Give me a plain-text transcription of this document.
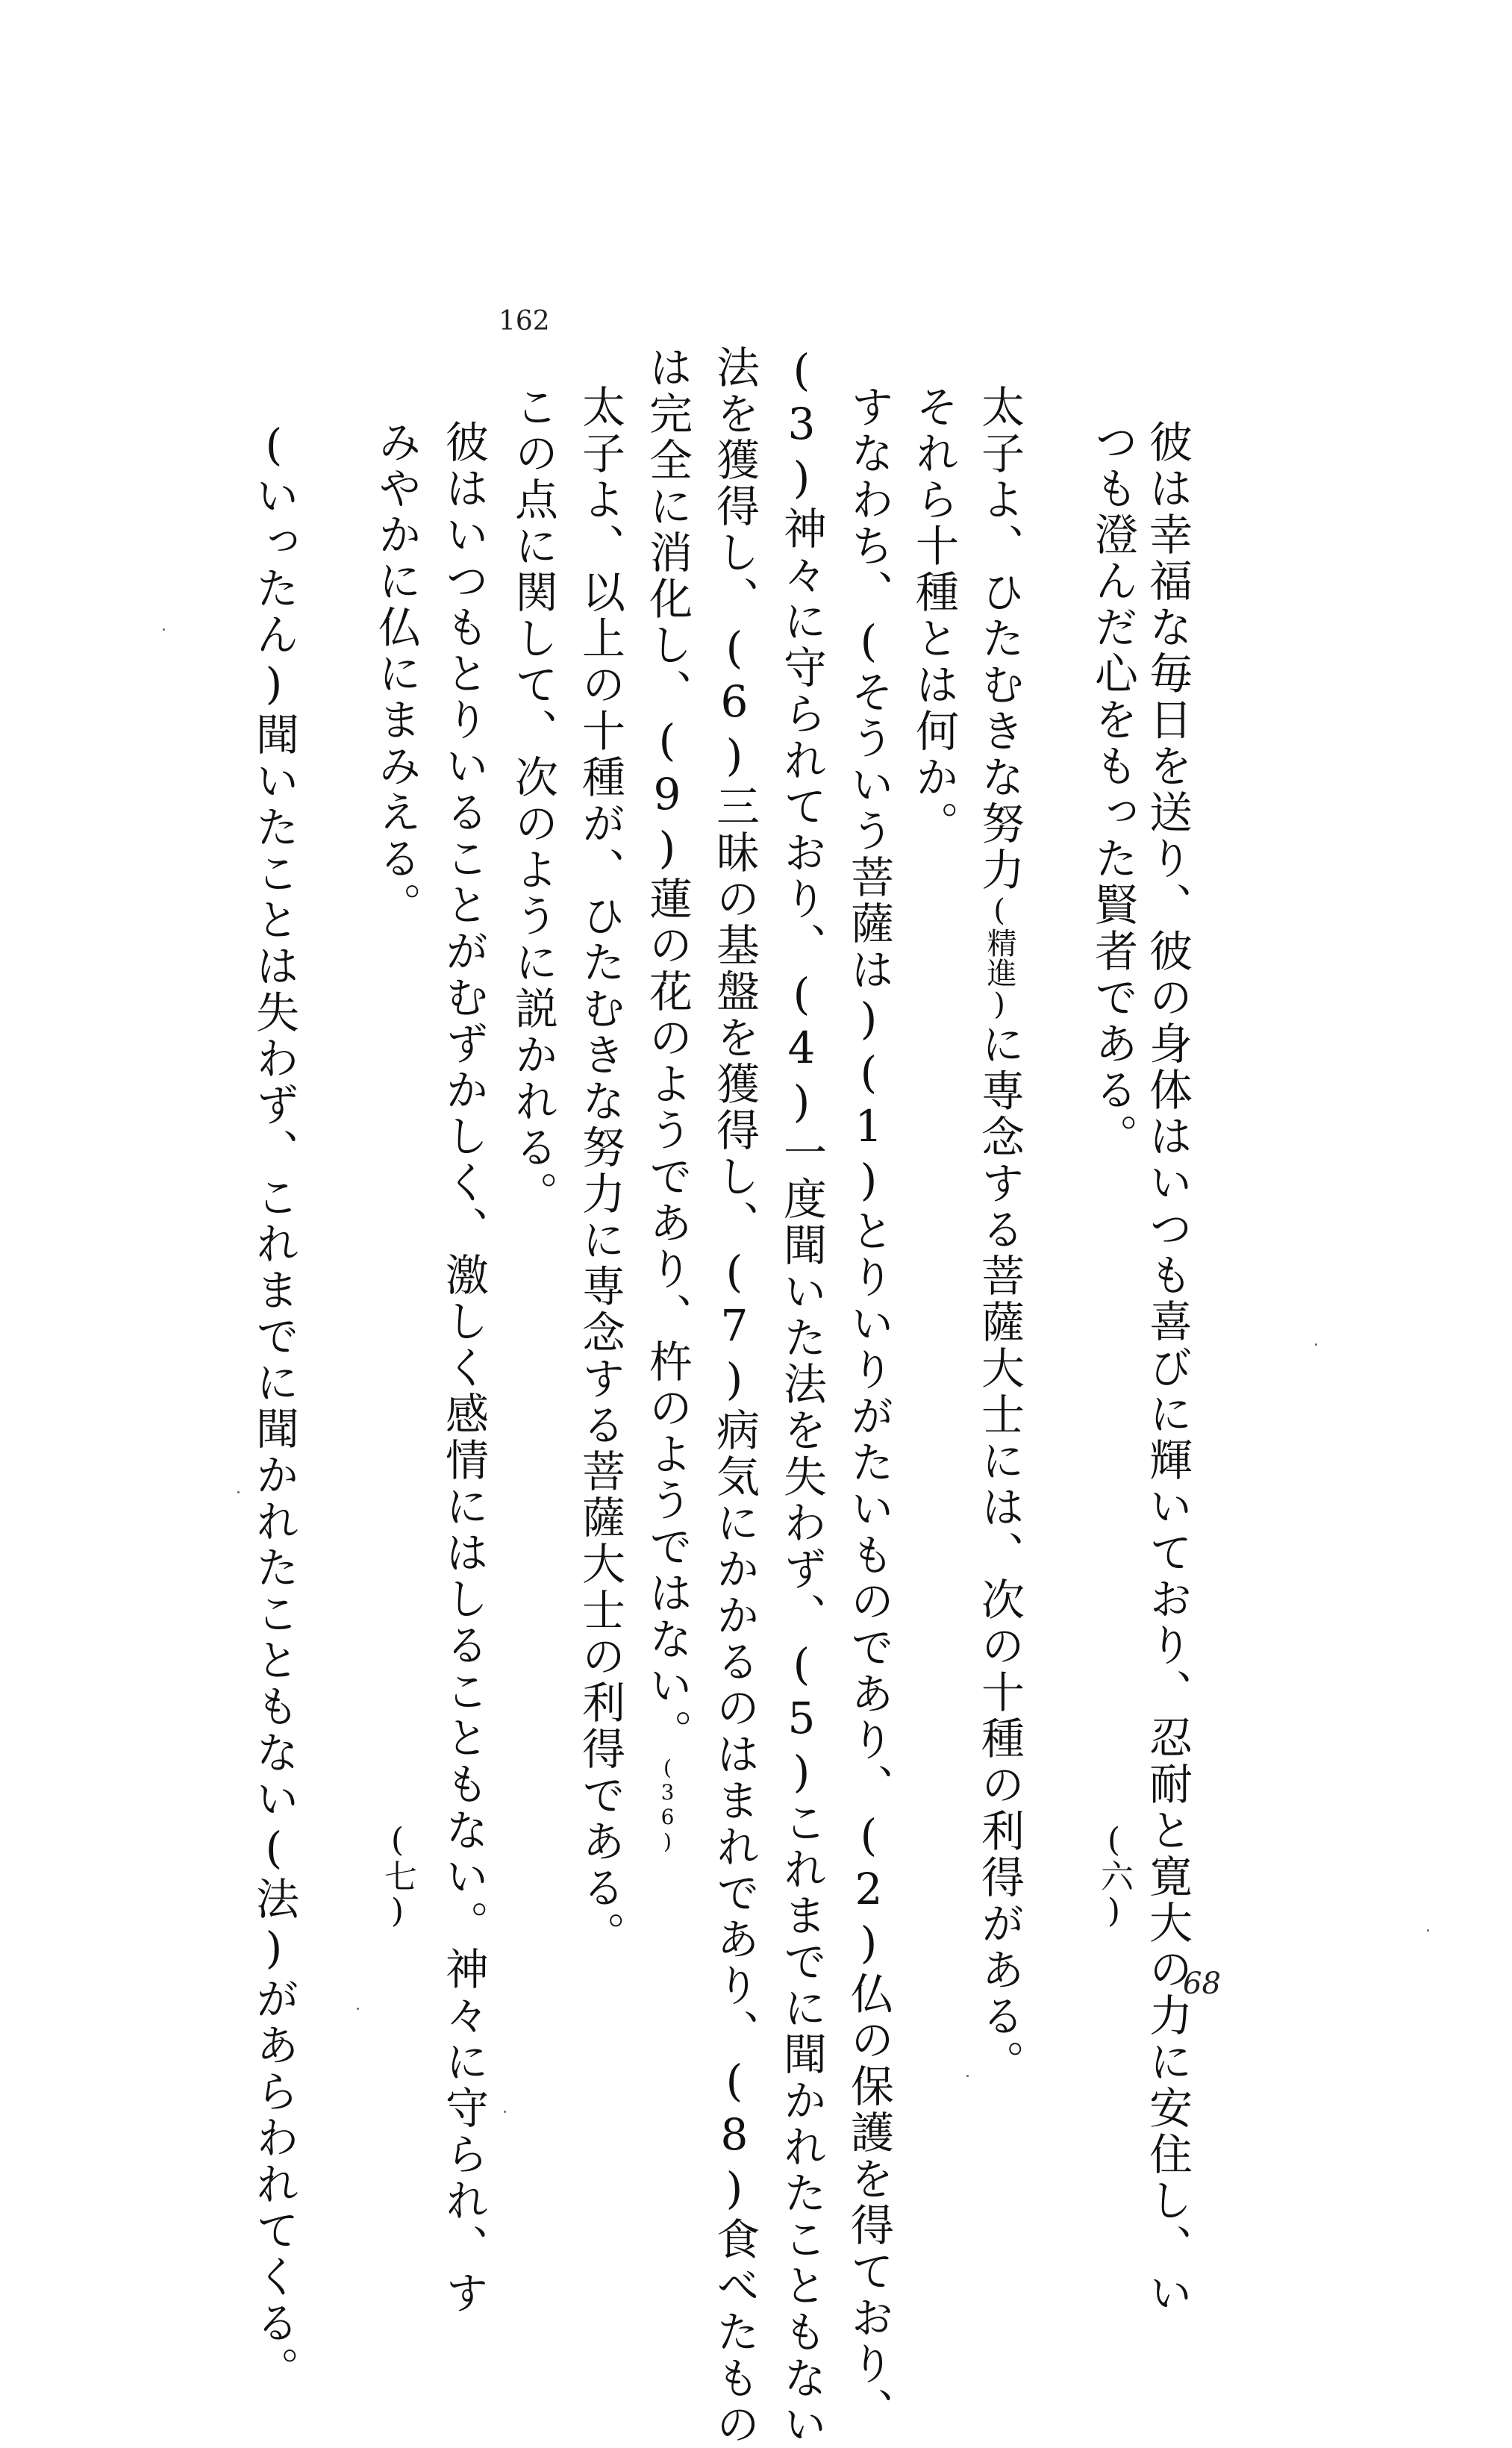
彼は幸福な毎日を送り、彼の身体はいつも喜びに輝いており、忍耐と寛大の力に安住し、い

つも澄んだ心をもった賢者である。

(六)

太子よ、ひたむきな努力(精進)に専念する菩薩大士には、次の十種の利得がある。

それら十種とは何か。

すなわち、(そういう菩薩は)(1)とりいりがたいものであり、(2)仏の保護を得ており、

(3)神々に守られており、(4)一度聞いた法を失わず、(5)これまでに聞かれたこともない

法を獲得し、(6)三昧の基盤を獲得し、(7)病気にかかるのはまれであり、(8)食べたもの

は完全に消化し、(9)蓮の花のようであり、杵のようではない。(36)

太子よ、以上の十種が、ひたむきな努力に専念する菩薩大士の利得である。

この点に関して、次のように説かれる。

162

彼はいつもとりいることがむずかしく、激しく感情にはしることもない。神々に守られ、す

みやかに仏にまみえる。

(七)

(いったん)聞いたことは失わず、これまでに聞かれたこともない(法)があらわれてくる。	68
